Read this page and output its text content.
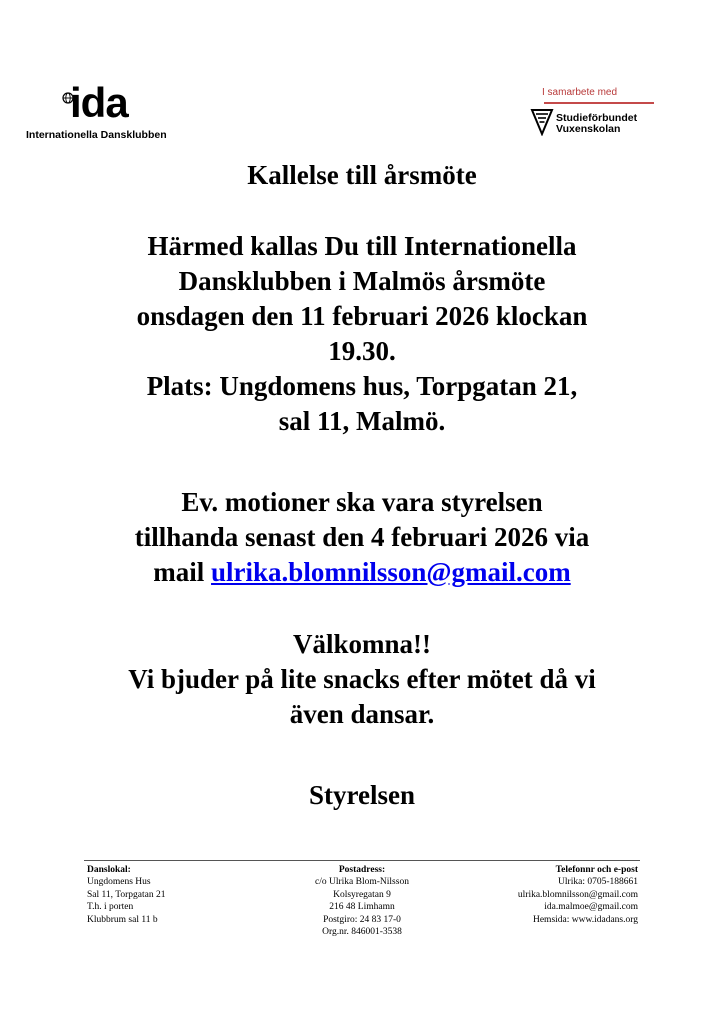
ida
Internationella Dansklubben
I samarbete med
Studieförbundet
Vuxenskolan

Kallelse till årsmöte

Härmed kallas Du till Internationella

Dansklubben i Malmös årsmöte

onsdagen den 11 februari 2026 klockan

19.30.

Plats: Ungdomens hus, Torpgatan 21,

sal 11, Malmö.

Ev. motioner ska vara styrelsen

tillhanda senast den 4 februari 2026 via

mail ulrika.blomnilsson@gmail.com

Välkomna!!

Vi bjuder på lite snacks efter mötet då vi

även dansar.

Styrelsen

Danslokal:
Ungdomens Hus
Sal 11, Torpgatan 21
T.h. i porten
Klubbrum sal 11 b
Postadress:
c/o Ulrika Blom-Nilsson
Kolsyregatan 9
216 48 Limhamn
Postgiro: 24 83 17-0
Org.nr. 846001-3538
Telefonnr och e-post
Ulrika: 0705-188661
ulrika.blomnilsson@gmail.com
ida.malmoe@gmail.com
Hemsida: www.idadans.org
